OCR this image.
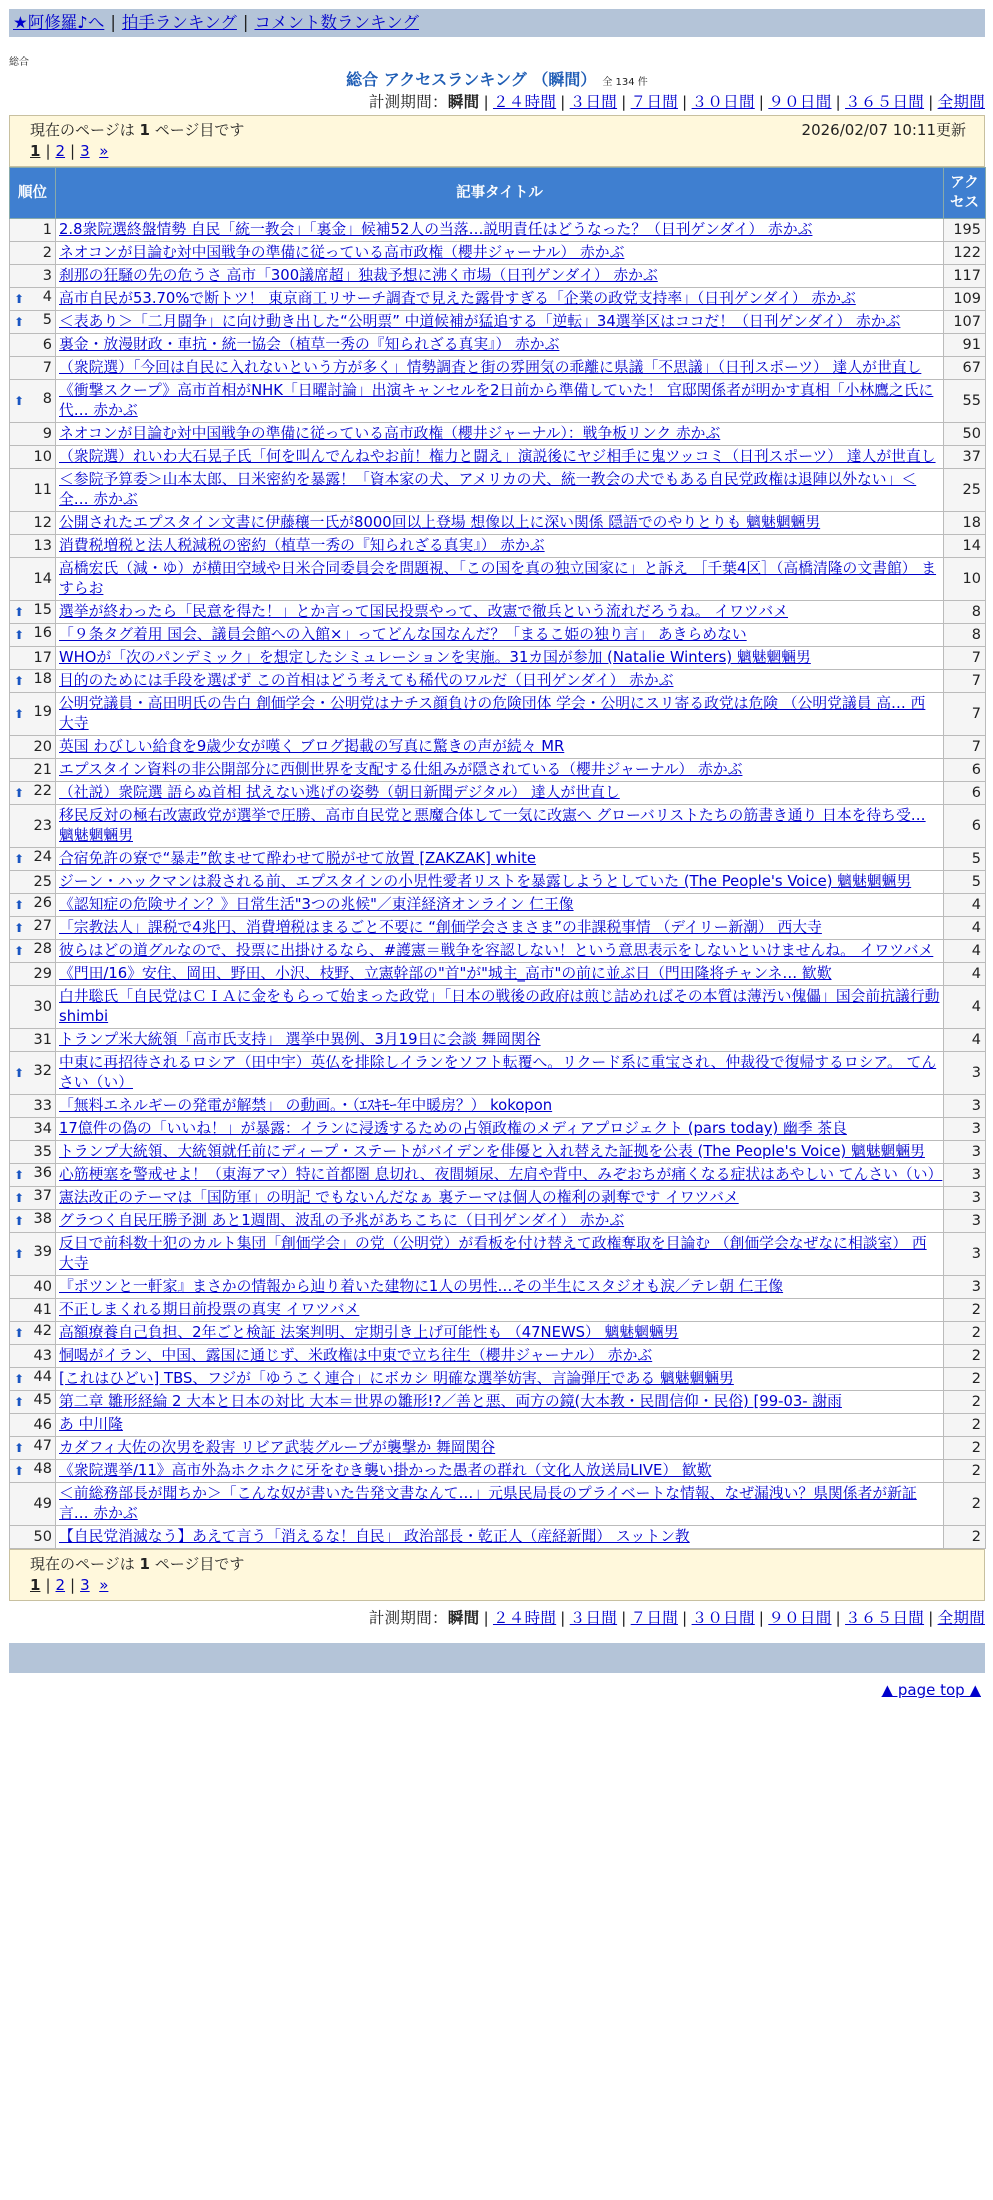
★阿修羅♪へ | 拍手ランキング | コメント数ランキング
総合
総合 アクセスランキング （瞬間） 全 134 件
計測期間：瞬間 | ２４時間 | ３日間 | ７日間 | ３０日間 | ９０日間 | ３６５日間 | 全期間
現在のページは 1 ページ目です	2026/02/07 10:11更新
1 | 2 | 3 »
順位	記事タイトル	アクセス
1	2.8衆院選終盤情勢 自民「統一教会」「裏金」候補52人の当落…説明責任はどうなった？（日刊ゲンダイ） 赤かぶ	195
2	ネオコンが目論む対中国戦争の準備に従っている高市政権（櫻井ジャーナル） 赤かぶ	122
3	刹那の狂騒の先の危うさ 高市「300議席超」独裁予想に沸く市場（日刊ゲンダイ） 赤かぶ	117

⬆ 4	高市自民が53.70%で断トツ！ 東京商工リサーチ調査で見えた露骨すぎる「企業の政党支持率」（日刊ゲンダイ） 赤かぶ	109

⬆ 5	＜表あり＞「二月闘争」に向け動き出した“公明票” 中道候補が猛追する「逆転」34選挙区はココだ！（日刊ゲンダイ） 赤かぶ	107
6	裏金・放漫財政・車抗・統一協会（植草一秀の『知られざる真実』） 赤かぶ	91
7	（衆院選）「今回は自民に入れないという方が多く」情勢調査と街の雰囲気の乖離に県議「不思議」（日刊スポーツ） 達人が世直し	67

⬆ 8	《衝撃スクープ》高市首相がNHK「日曜討論」出演キャンセルを2日前から準備していた！ 官邸関係者が明かす真相「小林鷹之氏に代… 赤かぶ	55
9	ネオコンが目論む対中国戦争の準備に従っている高市政権（櫻井ジャーナル）：戦争板リンク 赤かぶ	50
10	（衆院選）れいわ大石晃子氏「何を叫んでんねやお前！権力と闘え」演説後にヤジ相手に鬼ツッコミ（日刊スポーツ） 達人が世直し	37
11	＜参院予算委＞山本太郎、日米密約を暴露！「資本家の犬、アメリカの犬、統一教会の犬でもある自民党政権は退陣以外ない」＜全… 赤かぶ	25
12	公開されたエプスタイン文書に伊藤穰一氏が8000回以上登場 想像以上に深い関係 隠語でのやりとりも 魑魅魍魎男	18
13	消費税増税と法人税減税の密約（植草一秀の『知られざる真実』） 赤かぶ	14
14	高橋宏氏（減・ゆ）が横田空域や日米合同委員会を問題視、「この国を真の独立国家に」と訴え ［千葉4区］（高橋清隆の文書館） ますらお	10

⬆ 15	選挙が終わったら「民意を得た！」とか言って国民投票やって、改憲で徹兵という流れだろうね。 イワツバメ	8

⬆ 16	「９条タグ着用 国会、議員会館への入館×」ってどんな国なんだ？「まるこ姫の独り言」 あきらめない	8
17	WHOが「次のパンデミック」を想定したシミュレーションを実施。31カ国が参加 (Natalie Winters) 魑魅魍魎男	7

⬆ 18	目的のためには手段を選ばず この首相はどう考えても稀代のワルだ（日刊ゲンダイ） 赤かぶ	7

⬆ 19	公明党議員・高田明氏の告白 創価学会・公明党はナチス顔負けの危険団体 学会・公明にスリ寄る政党は危険 （公明党議員 高… 西大寺	7
20	英国 わびしい給食を9歳少女が嘆く ブログ掲載の写真に驚きの声が続々 MR	7
21	エプスタイン資料の非公開部分に西側世界を支配する仕組みが隠されている（櫻井ジャーナル） 赤かぶ	6

⬆ 22	（社説）衆院選 語らぬ首相 拭えない逃げの姿勢（朝日新聞デジタル） 達人が世直し	6
23	移民反対の極右改憲政党が選挙で圧勝、高市自民党と悪魔合体して一気に改憲へ グローバリストたちの筋書き通り 日本を待ち受… 魑魅魍魎男	6

⬆ 24	合宿免許の寮で“暴走”飲ませて酔わせて脱がせて放置 [ZAKZAK] white	5
25	ジーン・ハックマンは殺される前、エプスタインの小児性愛者リストを暴露しようとしていた (The People's Voice) 魑魅魍魎男	5

⬆ 26	《認知症の危険サイン？》日常生活"3つの兆候"／東洋経済オンライン 仁王像	4

⬆ 27	「宗教法人」課税で4兆円、消費増税はまるごと不要に “創価学会さまさま”の非課税事情 （デイリー新潮） 西大寺	4

⬆ 28	彼らはどの道グルなので、投票に出掛けるなら、#護憲＝戦争を容認しない！という意思表示をしないといけませんね。 イワツバメ	4
29	《門田/16》安住、岡田、野田、小沢、枝野、立憲幹部の"首"が"城主_高市"の前に並ぶ日（門田隆将チャンネ… 歓歎	4
30	白井聡氏「自民党はＣＩＡに金をもらって始まった政党」「日本の戦後の政府は煎じ詰めればその本質は薄汚い傀儡」国会前抗議行動 shimbi	4
31	トランプ米大統領「高市氏支持」 選挙中異例、3月19日に会談 舞岡関谷	4

⬆ 32	中東に再招待されるロシア（田中宇）英仏を排除しイランをソフト転覆へ。リクード系に重宝され、仲裁役で復帰するロシア。 てんさい（い）	3
33	「無料エネルギーの発電が解禁」 の動画。・（ｴｽｷﾓｰ年中暖房？） kokopon	3
34	17億件の偽の「いいね！」が暴露：イランに浸透するための占領政権のメディアプロジェクト (pars today) 幽季 茶良	3
35	トランプ大統領、大統領就任前にディープ・ステートがバイデンを俳優と入れ替えた証拠を公表 (The People's Voice) 魑魅魍魎男	3

⬆ 36	心筋梗塞を警戒せよ！（東海アマ）特に首都圏 息切れ、夜間頻尿、左肩や背中、みぞおちが痛くなる症状はあやしい てんさい（い）	3

⬆ 37	憲法改正のテーマは「国防軍」の明記 でもないんだなぁ 裏テーマは個人の権利の剥奪です イワツバメ	3

⬆ 38	グラつく自民圧勝予測 あと1週間、波乱の予兆があちこちに（日刊ゲンダイ） 赤かぶ	3

⬆ 39	反日で前科数十犯のカルト集団「創価学会」の党（公明党）が看板を付け替えて政権奪取を目論む （創価学会なぜなに相談室） 西大寺	3
40	『ポツンと一軒家』まさかの情報から辿り着いた建物に1人の男性…その半生にスタジオも涙／テレ朝 仁王像	3
41	不正しまくれる期日前投票の真実 イワツバメ	2

⬆ 42	高額療養自己負担、2年ごと検証 法案判明、定期引き上げ可能性も （47NEWS） 魑魅魍魎男	2
43	恫喝がイラン、中国、露国に通じず、米政権は中東で立ち往生（櫻井ジャーナル） 赤かぶ	2

⬆ 44	[これはひどい] TBS、フジが「ゆうこく連合」にボカシ 明確な選挙妨害、言論弾圧である 魑魅魍魎男	2

⬆ 45	第二章 雛形経綸 2 大本と日本の対比 大本＝世界の雛形!?／善と悪、両方の鏡(大本教・民間信仰・民俗) [99-03- 謝雨	2
46	あ 中川隆	2

⬆ 47	カダフィ大佐の次男を殺害 リビア武装グループが襲撃か 舞岡関谷	2

⬆ 48	《衆院選挙/11》高市外為ホクホクに牙をむき襲い掛かった愚者の群れ（文化人放送局LIVE） 歓歎	2
49	＜前総務部長が聞ちか＞「こんな奴が書いた告発文書なんて…」元県民局長のプライベートな情報、なぜ漏洩い？県関係者が新証言… 赤かぶ	2
50	【自民党消滅なう】あえて言う「消えるな！自民」 政治部長・乾正人（産経新聞） スットン教	2
現在のページは 1 ページ目です
1 | 2 | 3 »
計測期間：瞬間 | ２４時間 | ３日間 | ７日間 | ３０日間 | ９０日間 | ３６５日間 | 全期間
▲ page top ▲
